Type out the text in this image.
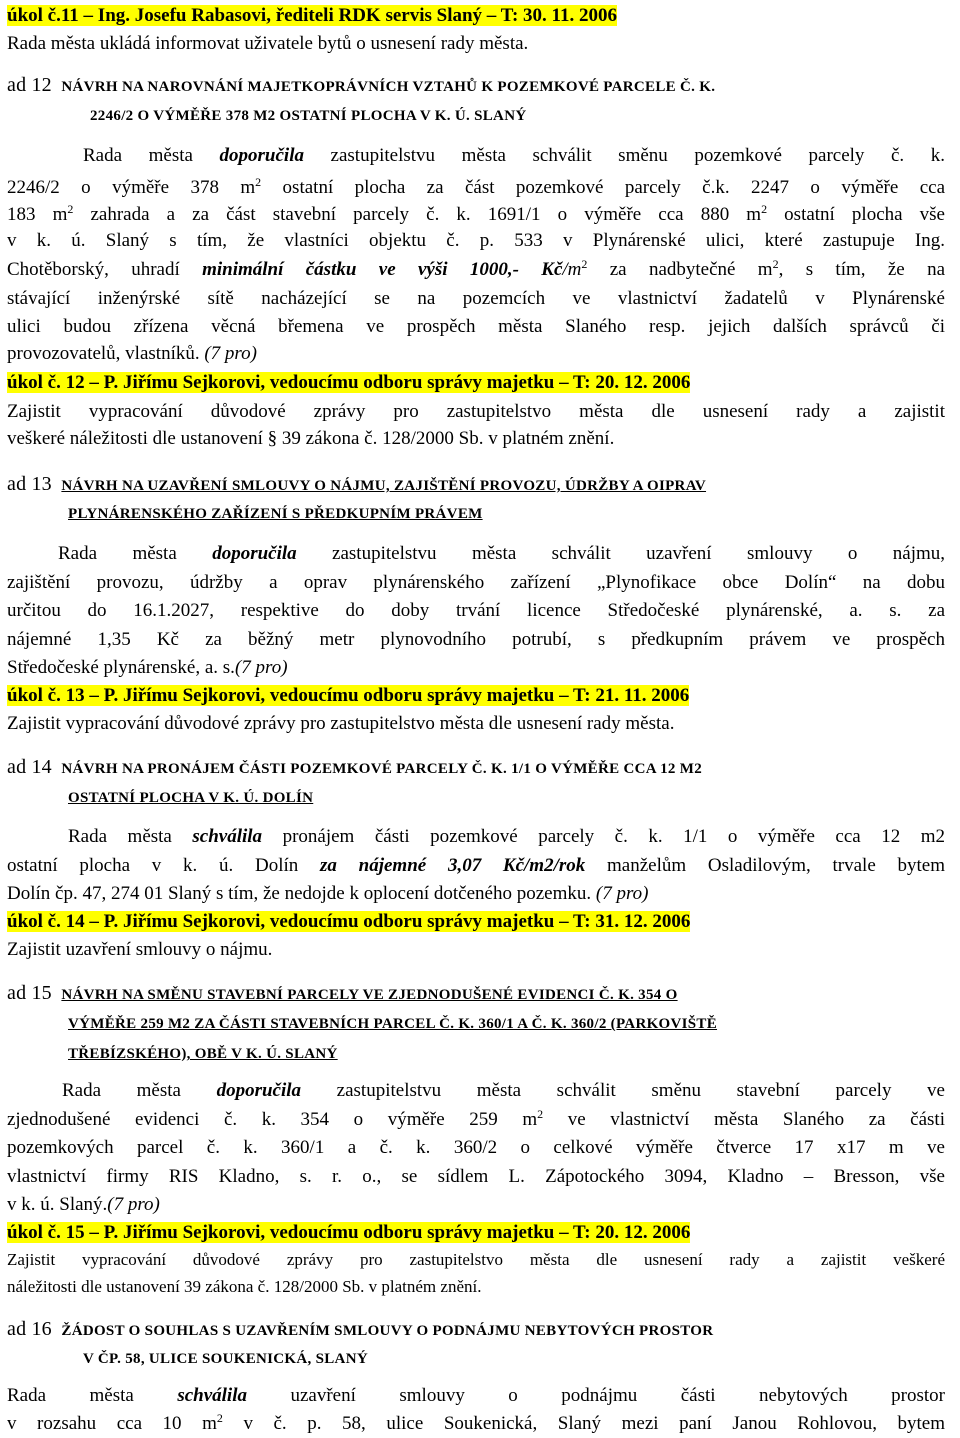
úkol č.11 – Ing. Josefu Rabasovi, řediteli RDK servis Slaný – T: 30. 11. 2006
Rada města ukládá informovat uživatele bytů o usnesení rady města.
ad 12 NÁVRH NA NAROVNÁNÍ MAJETKOPRÁVNÍCH VZTAHŮ K POZEMKOVÉ PARCELE Č. K.
2246/2 O VÝMĚŘE 378 M2 OSTATNÍ PLOCHA V K. Ú. SLANÝ
Rada města doporučila zastupitelstvu města schválit směnu pozemkové parcely č. k.
2246/2 o výměře 378 $m^2$ ostatní plocha za část pozemkové parcely č.k. 2247 o výměře cca
183 $m^2$ zahrada a za část stavební parcely č. k. 1691/1 o výměře cca 880 $m^2$ ostatní plocha vše
v k. ú. Slaný s tím, že vlastníci objektu č. p. 533 v Plynárenské ulici, které zastupuje Ing.
Chotěborský, uhradí minimální částku ve výši 1000,- $Kč/m^2$ za nadbytečné $m^2$, s tím, že na
stávající inženýrské sítě nacházející se na pozemcích ve vlastnictví žadatelů v Plynárenské
ulici budou zřízena věcná břemena ve prospěch města Slaného resp. jejich dalších správců či
provozovatelů, vlastníků. (7 pro)
úkol č. 12 – P. Jiřímu Sejkorovi, vedoucímu odboru správy majetku – T: 20. 12. 2006
Zajistit vypracování důvodové zprávy pro zastupitelstvo města dle usnesení rady a zajistit
veškeré náležitosti dle ustanovení § 39 zákona č. 128/2000 Sb. v platném znění.
ad 13 NÁVRH NA UZAVŘENÍ SMLOUVY O NÁJMU, ZAJIŠTĚNÍ PROVOZU, ÚDRŽBY A OIPRAV
PLYNÁRENSKÉHO ZAŘÍZENÍ S PŘEDKUPNÍM PRÁVEM
Rada města doporučila zastupitelstvu města schválit uzavření smlouvy o nájmu,
zajištění provozu, údržby a oprav plynárenského zařízení „Plynofikace obce Dolín“ na dobu
určitou do 16.1.2027, respektive do doby trvání licence Středočeské plynárenské, a. s. za
nájemné 1,35 Kč za běžný metr plynovodního potrubí, s předkupním právem ve prospěch
Středočeské plynárenské, a. s.(7 pro)
úkol č. 13 – P. Jiřímu Sejkorovi, vedoucímu odboru správy majetku – T: 21. 11. 2006
Zajistit vypracování důvodové zprávy pro zastupitelstvo města dle usnesení rady města.
ad 14 NÁVRH NA PRONÁJEM ČÁSTI POZEMKOVÉ PARCELY Č. K. 1/1 O VÝMĚŘE CCA 12 M2
OSTATNÍ PLOCHA V K. Ú. DOLÍN
Rada města schválila pronájem části pozemkové parcely č. k. 1/1 o výměře cca 12 m2
ostatní plocha v k. ú. Dolín za nájemné 3,07 Kč/m2/rok manželům Osladilovým, trvale bytem
Dolín čp. 47, 274 01 Slaný s tím, že nedojde k oplocení dotčeného pozemku. (7 pro)
úkol č. 14 – P. Jiřímu Sejkorovi, vedoucímu odboru správy majetku – T: 31. 12. 2006
Zajistit uzavření smlouvy o nájmu.
ad 15 NÁVRH NA SMĚNU STAVEBNÍ PARCELY VE ZJEDNODUŠENÉ EVIDENCI Č. K. 354 O
VÝMĚŘE 259 M2 ZA ČÁSTI STAVEBNÍCH PARCEL Č. K. 360/1 A Č. K. 360/2 (PARKOVIŠTĚ
TŘEBÍZSKÉHO), OBĚ V K. Ú. SLANÝ
Rada města doporučila zastupitelstvu města schválit směnu stavební parcely ve
zjednodušené evidenci č. k. 354 o výměře 259 $m^2$ ve vlastnictví města Slaného za části
pozemkových parcel č. k. 360/1 a č. k. 360/2 o celkové výměře čtverce 17 x17 m ve
vlastnictví firmy RIS Kladno, s. r. o., se sídlem L. Zápotockého 3094, Kladno – Bresson, vše
v k. ú. Slaný.(7 pro)
úkol č. 15 – P. Jiřímu Sejkorovi, vedoucímu odboru správy majetku – T: 20. 12. 2006
Zajistit vypracování důvodové zprávy pro zastupitelstvo města dle usnesení rady a zajistit veškeré
náležitosti dle ustanovení 39 zákona č. 128/2000 Sb. v platném znění.
ad 16 ŽÁDOST O SOUHLAS S UZAVŘENÍM SMLOUVY O PODNÁJMU NEBYTOVÝCH PROSTOR
V ČP. 58, ULICE SOUKENICKÁ, SLANÝ
Rada města schválila uzavření smlouvy o podnájmu části nebytových prostor
v rozsahu cca 10 $m^2$ v č. p. 58, ulice Soukenická, Slaný mezi paní Janou Rohlovou, bytem
